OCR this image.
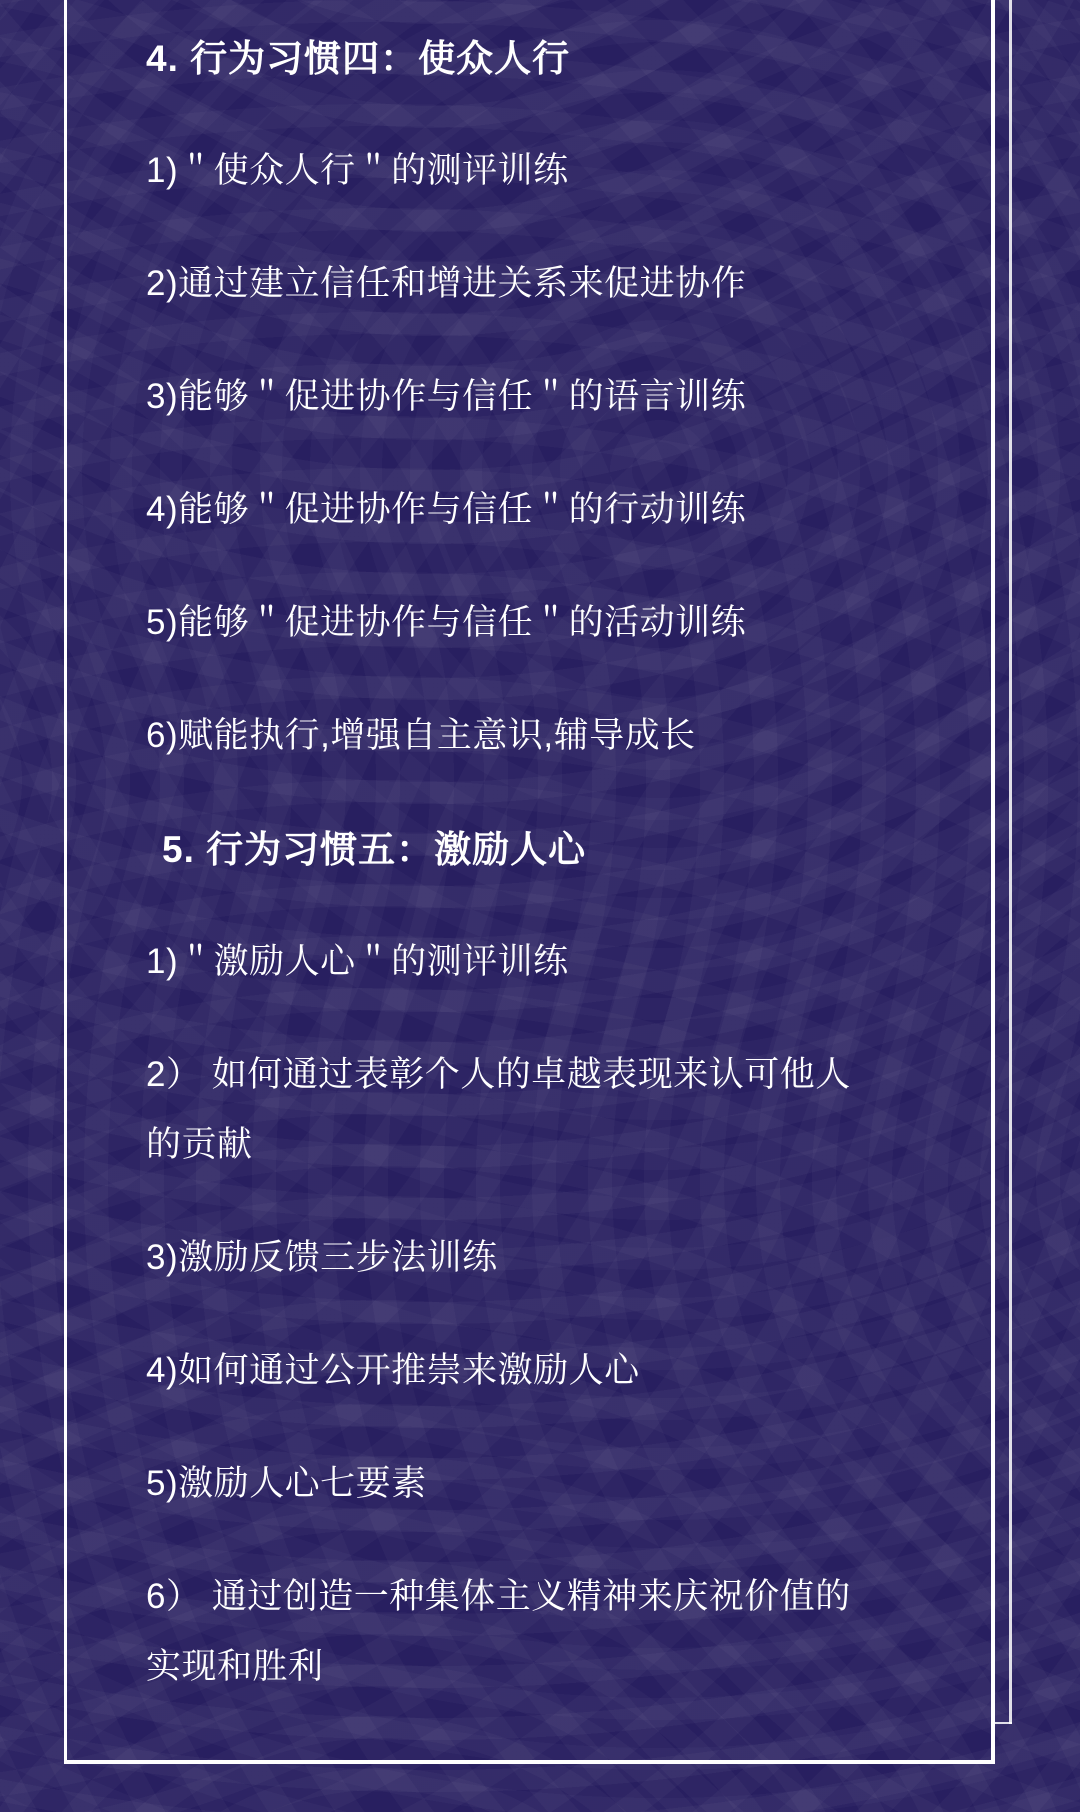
4. 行为习惯四：使众人行
1)＂使众人行＂的测评训练
2)通过建立信任和增进关系来促进协作
3)能够＂促进协作与信任＂的语言训练
4)能够＂促进协作与信任＂的行动训练
5)能够＂促进协作与信任＂的活动训练
6)赋能执行,增强自主意识,辅导成长
5. 行为习惯五：激励人心
1)＂激励人心＂的测评训练
2） 如何通过表彰个人的卓越表现来认可他人
的贡献
3)激励反馈三步法训练
4)如何通过公开推崇来激励人心
5)激励人心七要素
6） 通过创造一种集体主义精神来庆祝价值的
实现和胜利
